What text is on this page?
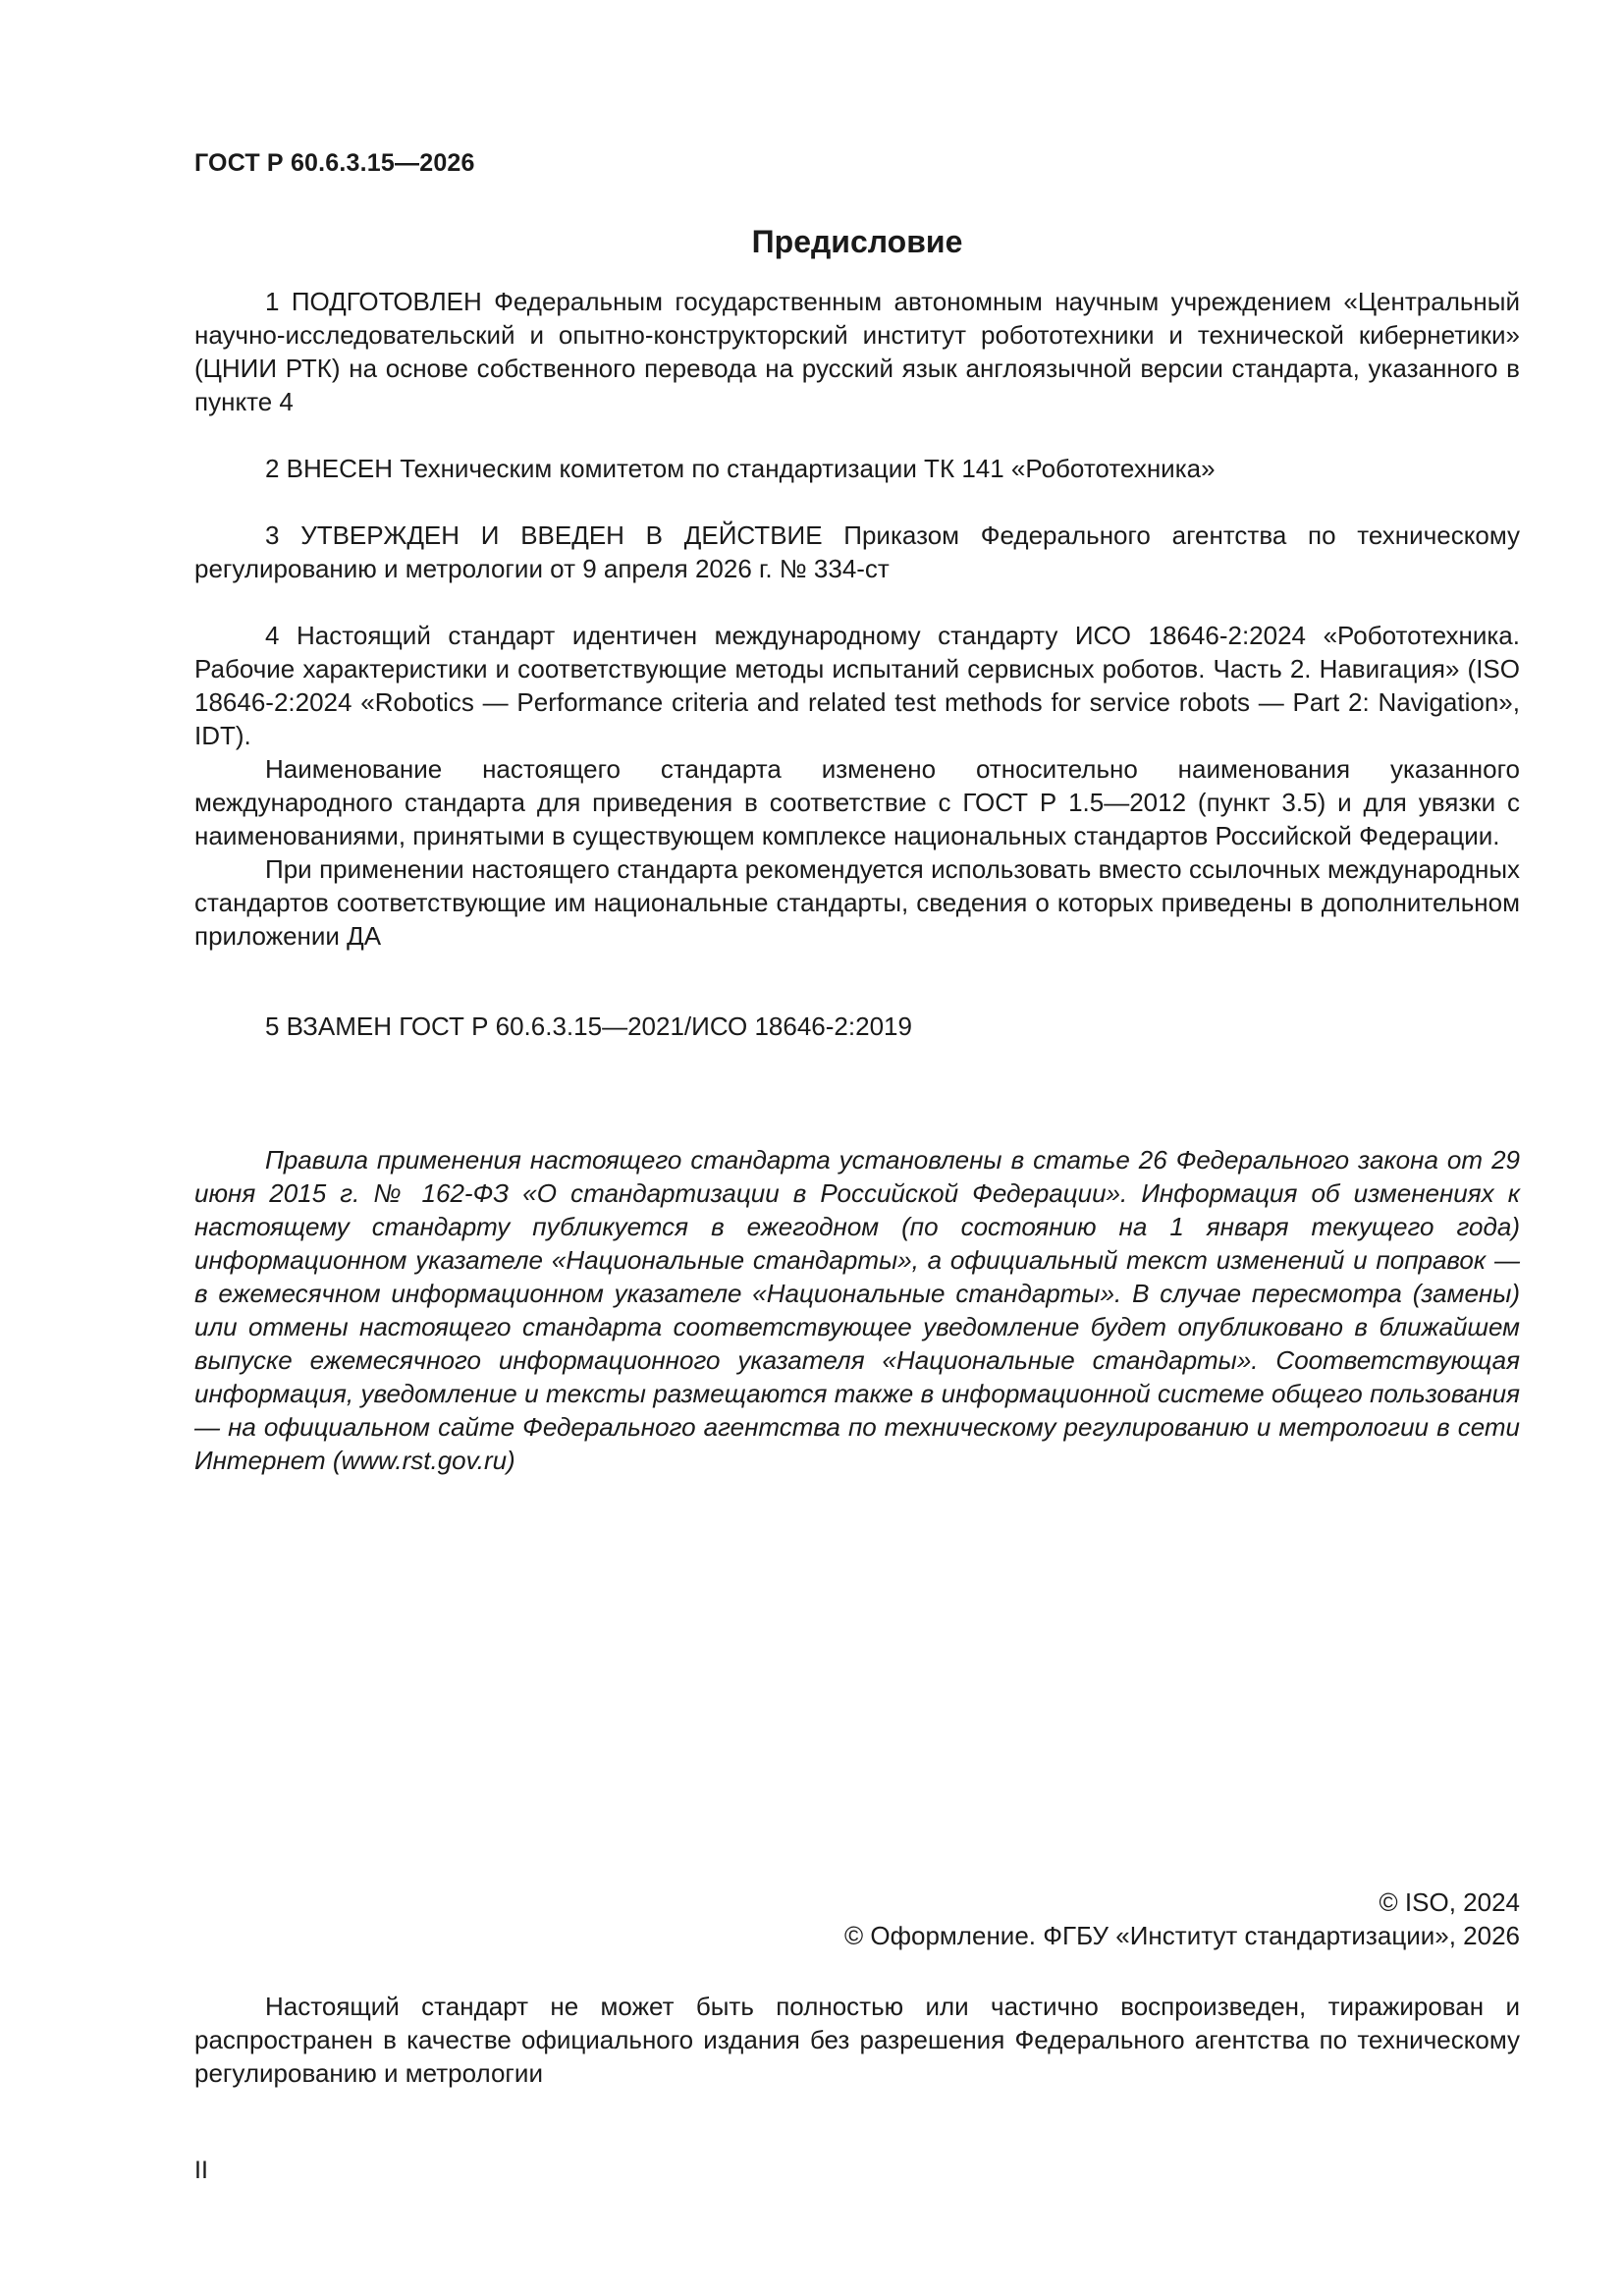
ГОСТ Р 60.6.3.15—2026
Предисловие

1 ПОДГОТОВЛЕН Федеральным государственным автономным научным учреждением «Центральный научно-исследовательский и опытно-конструкторский институт робототехники и технической кибернетики» (ЦНИИ РТК) на основе собственного перевода на русский язык англоязычной версии стандарта, указанного в пункте 4

2 ВНЕСЕН Техническим комитетом по стандартизации ТК 141 «Робототехника»

3 УТВЕРЖДЕН И ВВЕДЕН В ДЕЙСТВИЕ Приказом Федерального агентства по техническому регулированию и метрологии от 9 апреля 2026 г. № 334-ст

4 Настоящий стандарт идентичен международному стандарту ИСО 18646-2:2024 «Робототехника. Рабочие характеристики и соответствующие методы испытаний сервисных роботов. Часть 2. Навигация» (ISO 18646-2:2024 «Robotics — Performance criteria and related test methods for service robots — Part 2: Navigation», IDT).

Наименование настоящего стандарта изменено относительно наименования указанного международного стандарта для приведения в соответствие с ГОСТ Р 1.5—2012 (пункт 3.5) и для увязки с наименованиями, принятыми в существующем комплексе национальных стандартов Российской Федерации.

При применении настоящего стандарта рекомендуется использовать вместо ссылочных международных стандартов соответствующие им национальные стандарты, сведения о которых приведены в дополнительном приложении ДА

5 ВЗАМЕН ГОСТ Р 60.6.3.15—2021/ИСО 18646-2:2019

Правила применения настоящего стандарта установлены в статье 26 Федерального закона от 29 июня 2015 г. № 162-ФЗ «О стандартизации в Российской Федерации». Информация об изменениях к настоящему стандарту публикуется в ежегодном (по состоянию на 1 января текущего года) информационном указателе «Национальные стандарты», а официальный текст изменений и поправок — в ежемесячном информационном указателе «Национальные стандарты». В случае пересмотра (замены) или отмены настоящего стандарта соответствующее уведомление будет опубликовано в ближайшем выпуске ежемесячного информационного указателя «Национальные стандарты». Соответствующая информация, уведомление и тексты размещаются также в информационной системе общего пользования — на официальном сайте Федерального агентства по техническому регулированию и метрологии в сети Интернет (www.rst.gov.ru)

© ISO, 2024
© Оформление. ФГБУ «Институт стандартизации», 2026

Настоящий стандарт не может быть полностью или частично воспроизведен, тиражирован и распространен в качестве официального издания без разрешения Федерального агентства по техническому регулированию и метрологии

II
